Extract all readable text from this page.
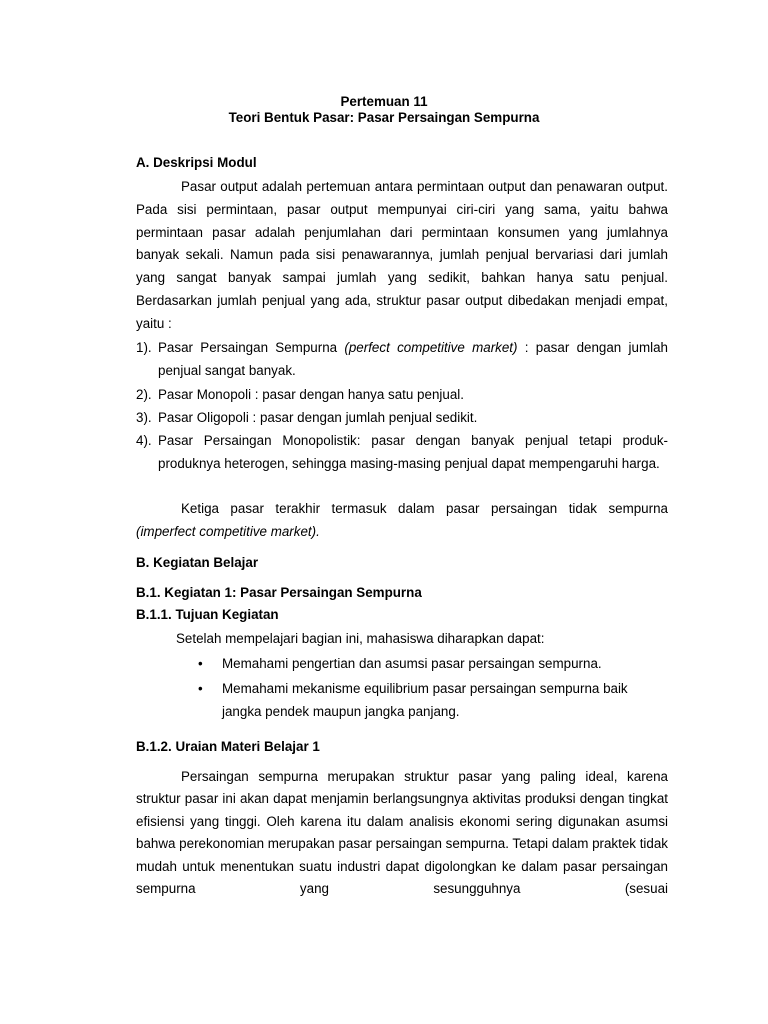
Pertemuan 11
Teori Bentuk Pasar: Pasar Persaingan Sempurna
A. Deskripsi Modul

Pasar output adalah pertemuan antara permintaan output dan penawaran output. Pada sisi permintaan, pasar output mempunyai ciri-ciri yang sama, yaitu bahwa permintaan pasar adalah penjumlahan dari permintaan konsumen yang jumlahnya banyak sekali. Namun pada sisi penawarannya, jumlah penjual bervariasi dari jumlah yang sangat banyak sampai jumlah yang sedikit, bahkan hanya satu penjual. Berdasarkan jumlah penjual yang ada, struktur pasar output dibedakan menjadi empat, yaitu :

1). Pasar Persaingan Sempurna (perfect competitive market) : pasar dengan jumlah penjual sangat banyak.

2). Pasar Monopoli : pasar dengan hanya satu penjual.

3). Pasar Oligopoli : pasar dengan jumlah penjual sedikit.

4). Pasar Persaingan Monopolistik: pasar dengan banyak penjual tetapi produk-produknya heterogen, sehingga masing-masing penjual dapat mempengaruhi harga.

Ketiga pasar terakhir termasuk dalam pasar persaingan tidak sempurna (imperfect competitive market).

B. Kegiatan Belajar
B.1. Kegiatan 1: Pasar Persaingan Sempurna
B.1.1. Tujuan Kegiatan
Setelah mempelajari bagian ini, mahasiswa diharapkan dapat:
•	Memahami pengertian dan asumsi pasar persaingan sempurna.
•	Memahami mekanisme equilibrium pasar persaingan sempurna baik jangka pendek maupun jangka panjang.
B.1.2. Uraian Materi Belajar 1

Persaingan sempurna merupakan struktur pasar yang paling ideal, karena struktur pasar ini akan dapat menjamin berlangsungnya aktivitas produksi dengan tingkat efisiensi yang tinggi. Oleh karena itu dalam analisis ekonomi sering digunakan asumsi bahwa perekonomian merupakan pasar persaingan sempurna. Tetapi dalam praktek tidak mudah untuk menentukan suatu industri dapat digolongkan ke dalam pasar persaingan sempurna yang sesungguhnya (sesuai
